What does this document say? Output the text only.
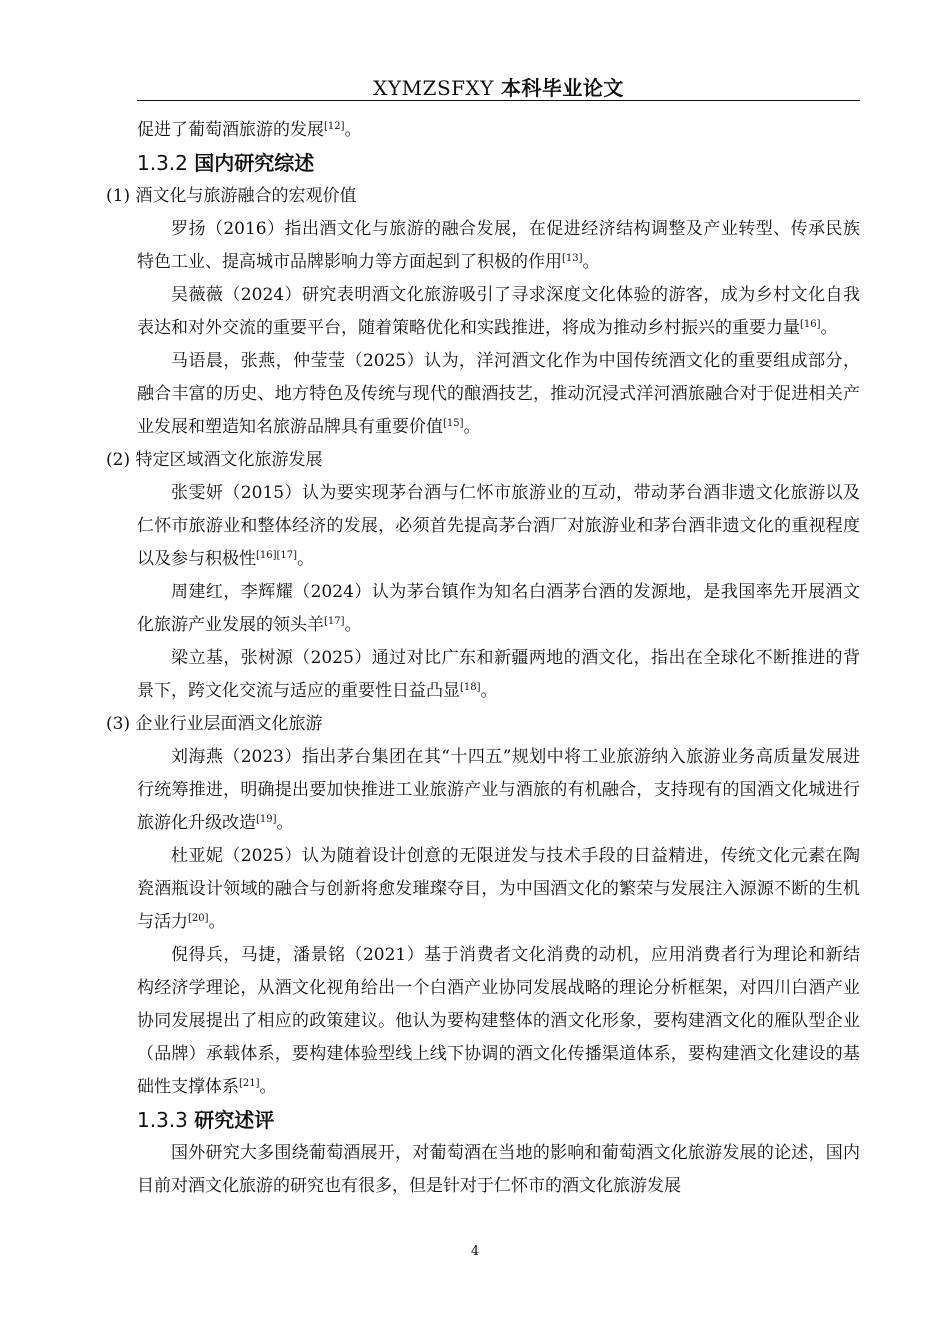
XYMZSFXY 本科毕业论文

促进了葡萄酒旅游的发展[12]。

1.3.2 国内研究综述

(1) 酒文化与旅游融合的宏观价值

罗扬（2016）指出酒文化与旅游的融合发展，在促进经济结构调整及产业转型、传承民族特色工业、提高城市品牌影响力等方面起到了积极的作用[13]。

吴薇薇（2024）研究表明酒文化旅游吸引了寻求深度文化体验的游客，成为乡村文化自我表达和对外交流的重要平台，随着策略优化和实践推进，将成为推动乡村振兴的重要力量[16]。

马语晨，张燕，仲莹莹（2025）认为，洋河酒文化作为中国传统酒文化的重要组成部分，融合丰富的历史、地方特色及传统与现代的酿酒技艺，推动沉浸式洋河酒旅融合对于促进相关产业发展和塑造知名旅游品牌具有重要价值[15]。

(2) 特定区域酒文化旅游发展

张雯妍（2015）认为要实现茅台酒与仁怀市旅游业的互动，带动茅台酒非遗文化旅游以及仁怀市旅游业和整体经济的发展，必须首先提高茅台酒厂对旅游业和茅台酒非遗文化的重视程度以及参与积极性[16][17]。

周建红，李辉耀（2024）认为茅台镇作为知名白酒茅台酒的发源地，是我国率先开展酒文化旅游产业发展的领头羊[17]。

梁立基，张树源（2025）通过对比广东和新疆两地的酒文化，指出在全球化不断推进的背景下，跨文化交流与适应的重要性日益凸显[18]。

(3) 企业行业层面酒文化旅游

刘海燕（2023）指出茅台集团在其“十四五”规划中将工业旅游纳入旅游业务高质量发展进行统筹推进，明确提出要加快推进工业旅游产业与酒旅的有机融合，支持现有的国酒文化城进行旅游化升级改造[19]。

杜亚妮（2025）认为随着设计创意的无限迸发与技术手段的日益精进，传统文化元素在陶瓷酒瓶设计领域的融合与创新将愈发璀璨夺目，为中国酒文化的繁荣与发展注入源源不断的生机与活力[20]。

倪得兵，马捷，潘景铭（2021）基于消费者文化消费的动机，应用消费者行为理论和新结构经济学理论，从酒文化视角给出一个白酒产业协同发展战略的理论分析框架，对四川白酒产业协同发展提出了相应的政策建议。他认为要构建整体的酒文化形象，要构建酒文化的雁队型企业（品牌）承载体系，要构建体验型线上线下协调的酒文化传播渠道体系，要构建酒文化建设的基础性支撑体系[21]。

1.3.3 研究述评

国外研究大多围绕葡萄酒展开，对葡萄酒在当地的影响和葡萄酒文化旅游发展的论述，国内目前对酒文化旅游的研究也有很多，但是针对于仁怀市的酒文化旅游发展

4
